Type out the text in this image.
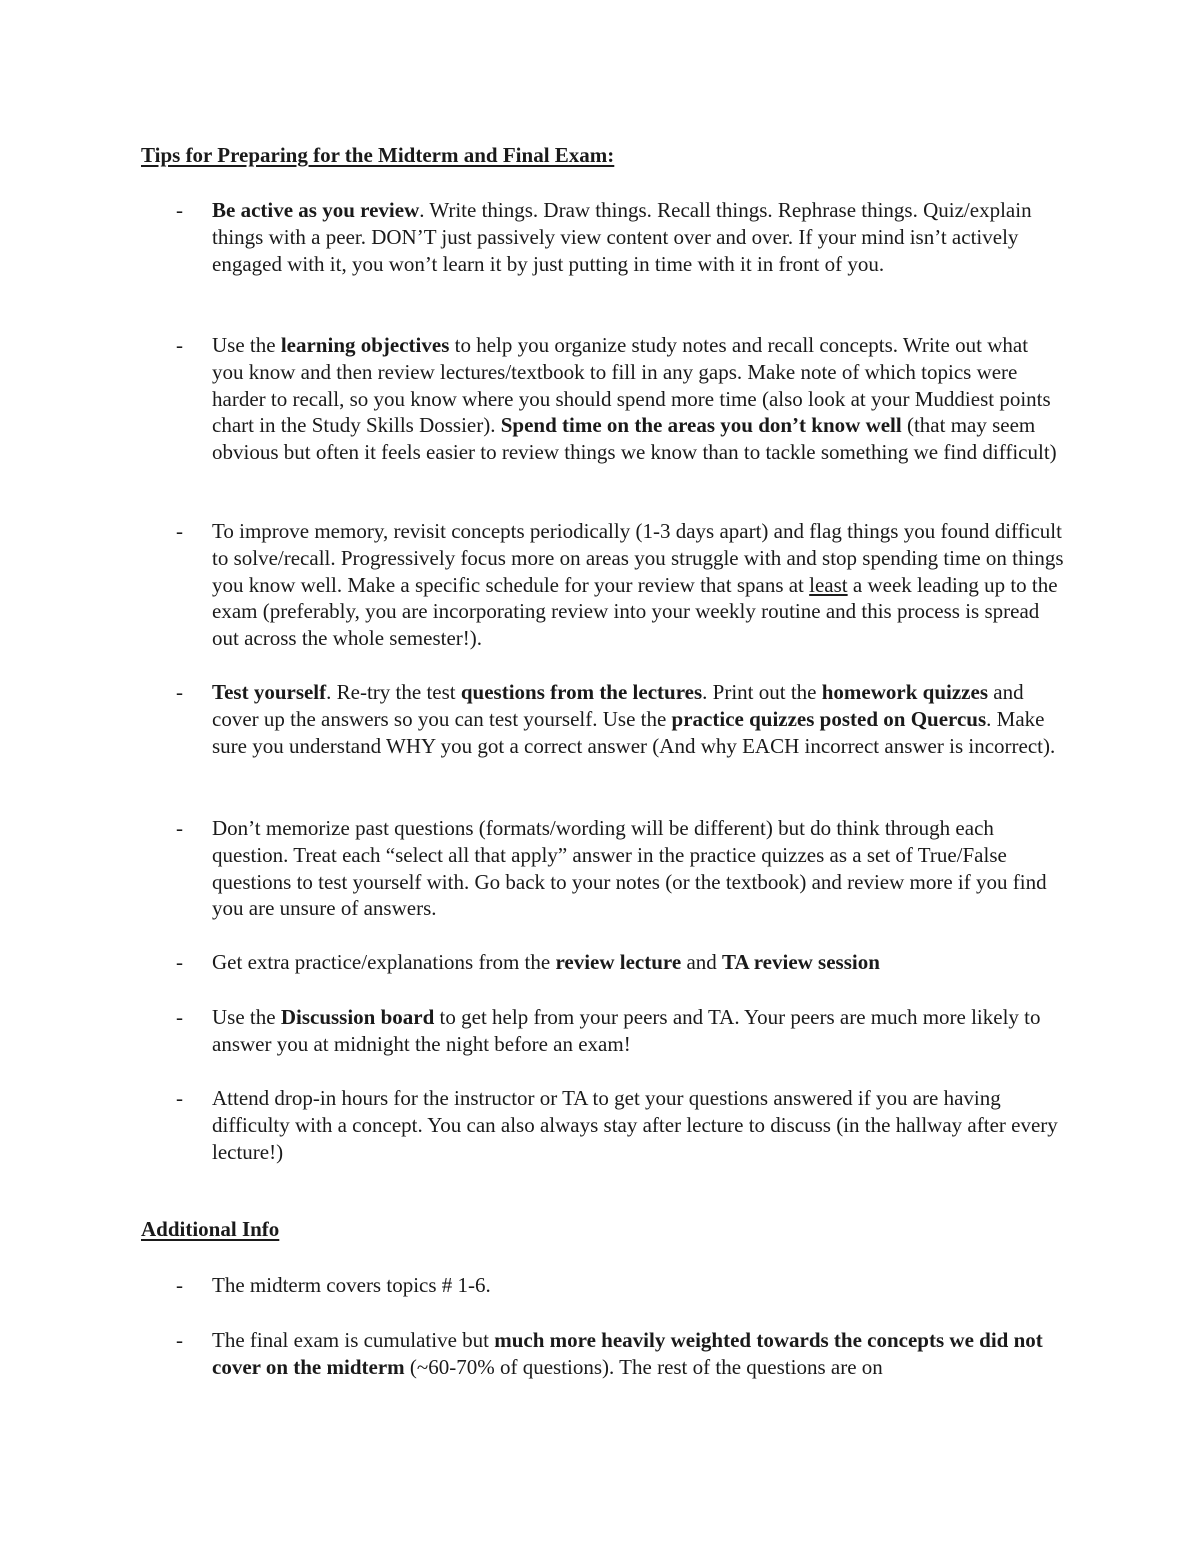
Tips for Preparing for the Midterm and Final Exam:
- Be active as you review. Write things. Draw things. Recall things. Rephrase things. Quiz/explain things with a peer. DON’T just passively view content over and over. If your mind isn’t actively engaged with it, you won’t learn it by just putting in time with it in front of you.
- Use the learning objectives to help you organize study notes and recall concepts. Write out what you know and then review lectures/textbook to fill in any gaps. Make note of which topics were harder to recall, so you know where you should spend more time (also look at your Muddiest points chart in the Study Skills Dossier). Spend time on the areas you don’t know well (that may seem obvious but often it feels easier to review things we know than to tackle something we find difficult)
- To improve memory, revisit concepts periodically (1-3 days apart) and flag things you found difficult to solve/recall. Progressively focus more on areas you struggle with and stop spending time on things you know well. Make a specific schedule for your review that spans at least a week leading up to the exam (preferably, you are incorporating review into your weekly routine and this process is spread out across the whole semester!).
- Test yourself. Re-try the test questions from the lectures. Print out the homework quizzes and cover up the answers so you can test yourself. Use the practice quizzes posted on Quercus. Make sure you understand WHY you got a correct answer (And why EACH incorrect answer is incorrect).
- Don’t memorize past questions (formats/wording will be different) but do think through each question. Treat each “select all that apply” answer in the practice quizzes as a set of True/False questions to test yourself with. Go back to your notes (or the textbook) and review more if you find you are unsure of answers.
- Get extra practice/explanations from the review lecture and TA review session
- Use the Discussion board to get help from your peers and TA. Your peers are much more likely to answer you at midnight the night before an exam!
- Attend drop-in hours for the instructor or TA to get your questions answered if you are having difficulty with a concept. You can also always stay after lecture to discuss (in the hallway after every lecture!)
Additional Info
- The midterm covers topics # 1-6.
- The final exam is cumulative but much more heavily weighted towards the concepts we did not cover on the midterm (~60-70% of questions). The rest of the questions are on
